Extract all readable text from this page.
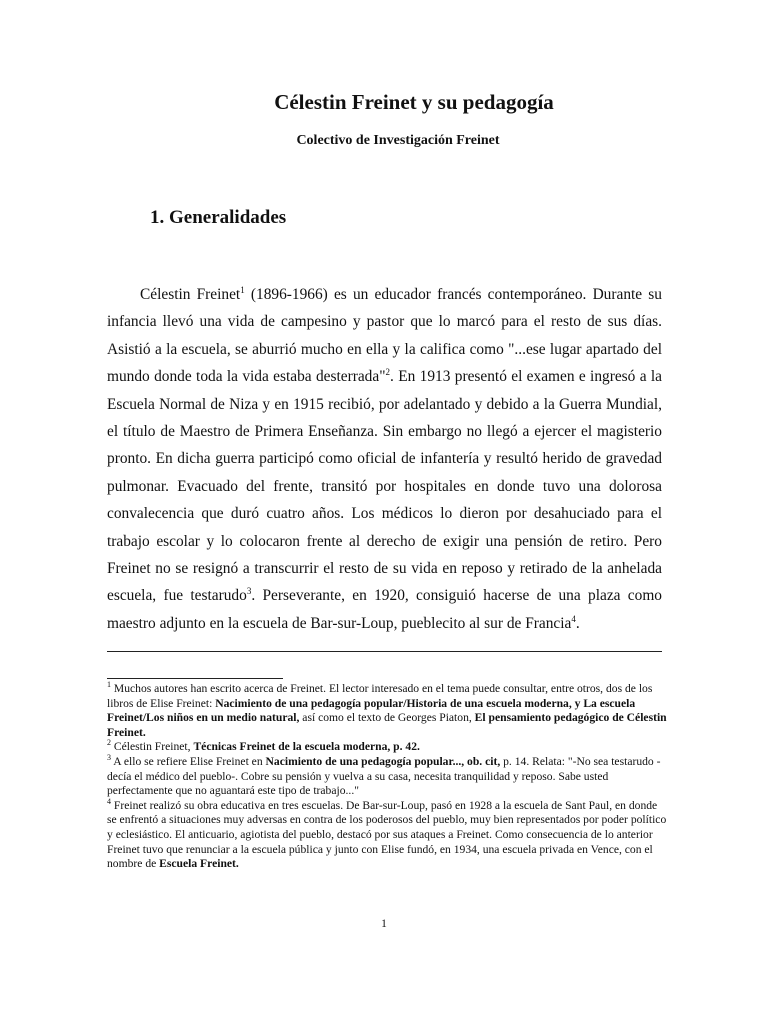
Célestin Freinet y su pedagogía
Colectivo de Investigación Freinet
1. Generalidades

Célestin Freinet$^1$ (1896-1966) es un educador francés contemporáneo. Durante su infancia llevó una vida de campesino y pastor que lo marcó para el resto de sus días. Asistió a la escuela, se aburrió mucho en ella y la califica como "...ese lugar apartado del mundo donde toda la vida estaba desterrada"$^2$. En 1913 presentó el examen e ingresó a la Escuela Normal de Niza y en 1915 recibió, por adelantado y debido a la Guerra Mundial, el título de Maestro de Primera Enseñanza. Sin embargo no llegó a ejercer el magisterio pronto. En dicha guerra participó como oficial de infantería y resultó herido de gravedad pulmonar. Evacuado del frente, transitó por hospitales en donde tuvo una dolorosa convalecencia que duró cuatro años. Los médicos lo dieron por desahuciado para el trabajo escolar y lo colocaron frente al derecho de exigir una pensión de retiro. Pero Freinet no se resignó a transcurrir el resto de su vida en reposo y retirado de la anhelada escuela, fue testarudo$^3$. Perseverante, en 1920, consiguió hacerse de una plaza como maestro adjunto en la escuela de Bar-sur-Loup, pueblecito al sur de Francia$^4$.

$^1$ Muchos autores han escrito acerca de Freinet. El lector interesado en el tema puede consultar, entre otros, dos de los libros de Elise Freinet: Nacimiento de una pedagogía popular/Historia de una escuela moderna, y La escuela Freinet/Los niños en un medio natural, así como el texto de Georges Piaton, El pensamiento pedagógico de Célestin Freinet.

$^2$ Célestin Freinet, Técnicas Freinet de la escuela moderna, p. 42.

$^3$ A ello se refiere Elise Freinet en Nacimiento de una pedagogía popular..., ob. cit, p. 14. Relata: "-No sea testarudo -decía el médico del pueblo-. Cobre su pensión y vuelva a su casa, necesita tranquilidad y reposo. Sabe usted perfectamente que no aguantará este tipo de trabajo..."

$^4$ Freinet realizó su obra educativa en tres escuelas. De Bar-sur-Loup, pasó en 1928 a la escuela de Sant Paul, en donde se enfrentó a situaciones muy adversas en contra de los poderosos del pueblo, muy bien representados por poder político y eclesiástico. El anticuario, agiotista del pueblo, destacó por sus ataques a Freinet. Como consecuencia de lo anterior Freinet tuvo que renunciar a la escuela pública y junto con Elise fundó, en 1934, una escuela privada en Vence, con el nombre de Escuela Freinet.

1
